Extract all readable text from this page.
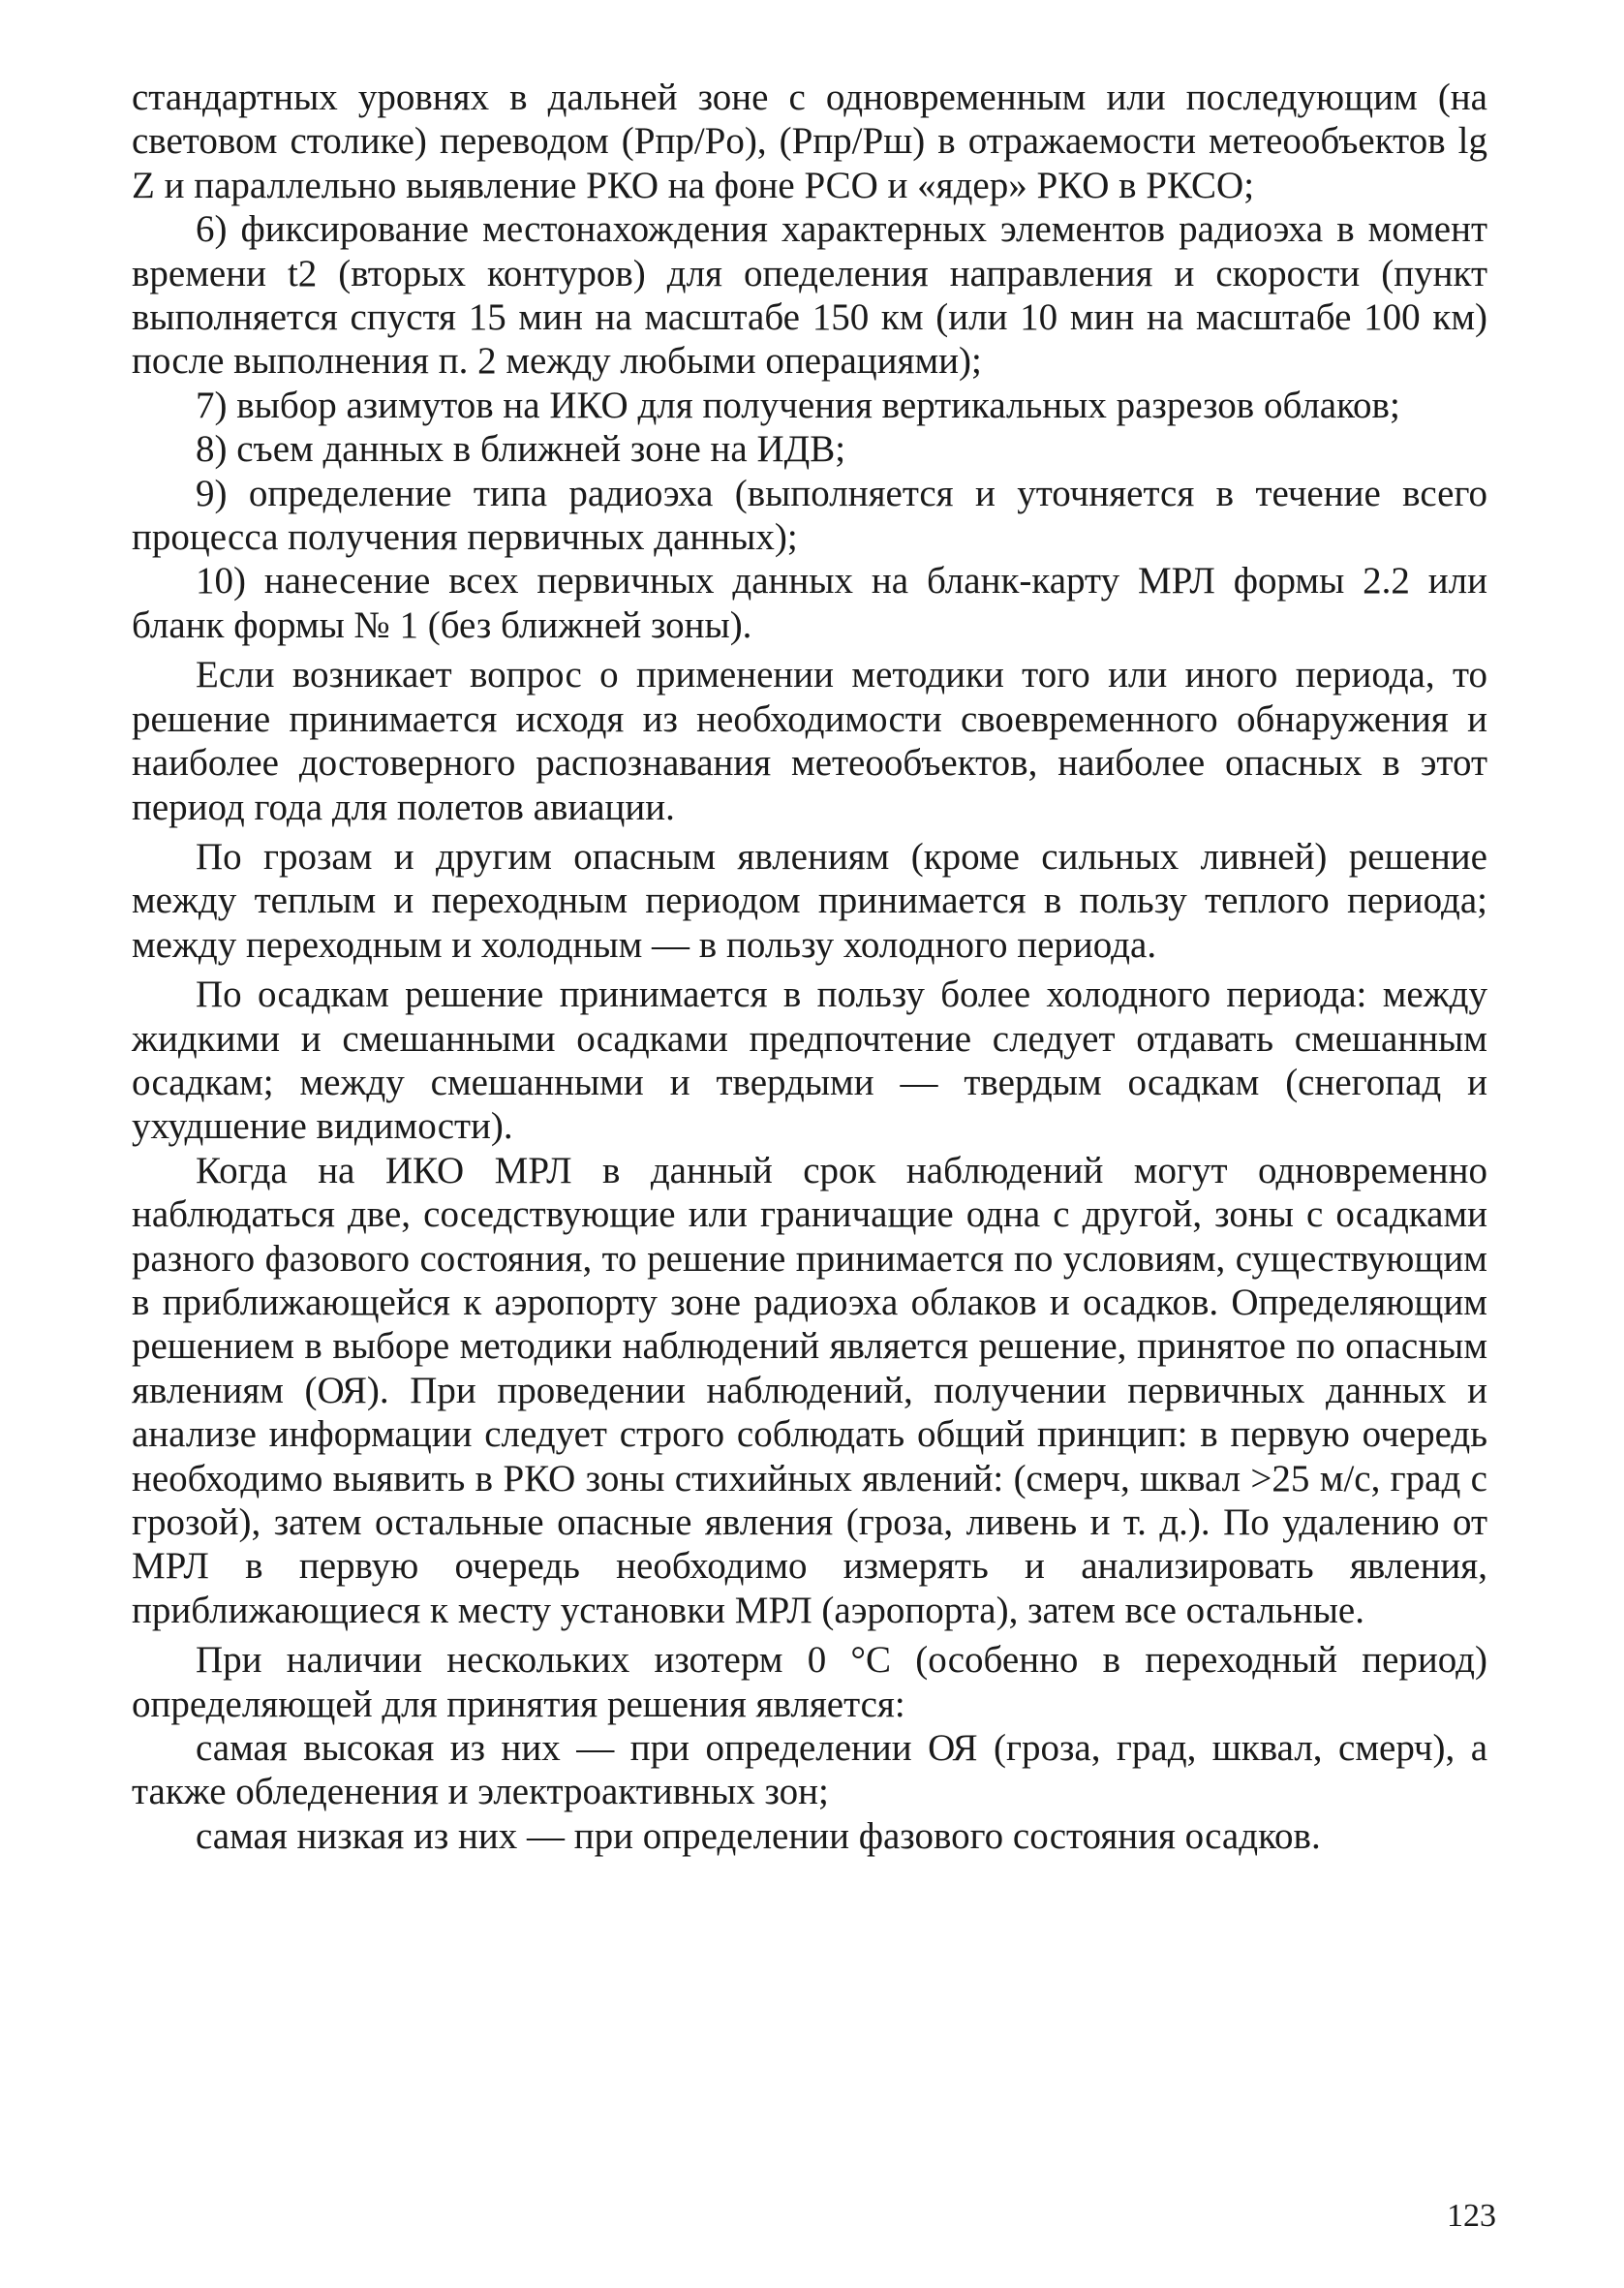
стандартных уровнях в дальней зоне с одновременным или последующим (на световом столике) переводом (Pпр/Pо), (Pпр/Pш) в отражаемости метеообъектов lg Z и параллельно выявление РКО на фоне РСО и «ядер» РКО в РКСО;

6) фиксирование местонахождения характерных элементов радиоэха в момент времени t2 (вторых контуров) для опеделения направления и скорости (пункт выполняется спустя 15 мин на масштабе 150 км (или 10 мин на масштабе 100 км) после выполнения п. 2 между любыми операциями);

7) выбор азимутов на ИКО для получения вертикальных разрезов облаков;

8) съем данных в ближней зоне на ИДВ;

9) определение типа радиоэха (выполняется и уточняется в течение всего процесса получения первичных данных);

10) нанесение всех первичных данных на бланк-карту МРЛ формы 2.2 или бланк формы № 1 (без ближней зоны).

Если возникает вопрос о применении методики того или иного периода, то решение принимается исходя из необходимости своевременного обнаружения и наиболее достоверного распознавания метеообъектов, наиболее опасных в этот период года для полетов авиации.

По грозам и другим опасным явлениям (кроме сильных ливней) решение между теплым и переходным периодом принимается в пользу теплого периода; между переходным и холодным — в пользу холодного периода.

По осадкам решение принимается в пользу более холодного периода: между жидкими и смешанными осадками предпочтение следует отдавать смешанным осадкам; между смешанными и твердыми — твердым осадкам (снегопад и ухудшение видимости).

Когда на ИКО МРЛ в данный срок наблюдений могут одновременно наблюдаться две, соседствующие или граничащие одна с другой, зоны с осадками разного фазового состояния, то решение принимается по условиям, существующим в приближающейся к аэропорту зоне радиоэха облаков и осадков. Определяющим решением в выборе методики наблюдений является решение, принятое по опасным явлениям (ОЯ). При проведении наблюдений, получении первичных данных и анализе информации следует строго соблюдать общий принцип: в первую очередь необходимо выявить в РКО зоны стихийных явлений: (смерч, шквал >25 м/с, град с грозой), затем остальные опасные явления (гроза, ливень и т. д.). По удалению от МРЛ в первую очередь необходимо измерять и анализировать явления, приближающиеся к месту установки МРЛ (аэропорта), затем все остальные.

При наличии нескольких изотерм 0 °С (особенно в переходный период) определяющей для принятия решения является:

самая высокая из них — при определении ОЯ (гроза, град, шквал, смерч), а также обледенения и электроактивных зон;

самая низкая из них — при определении фазового состояния осадков.

123
